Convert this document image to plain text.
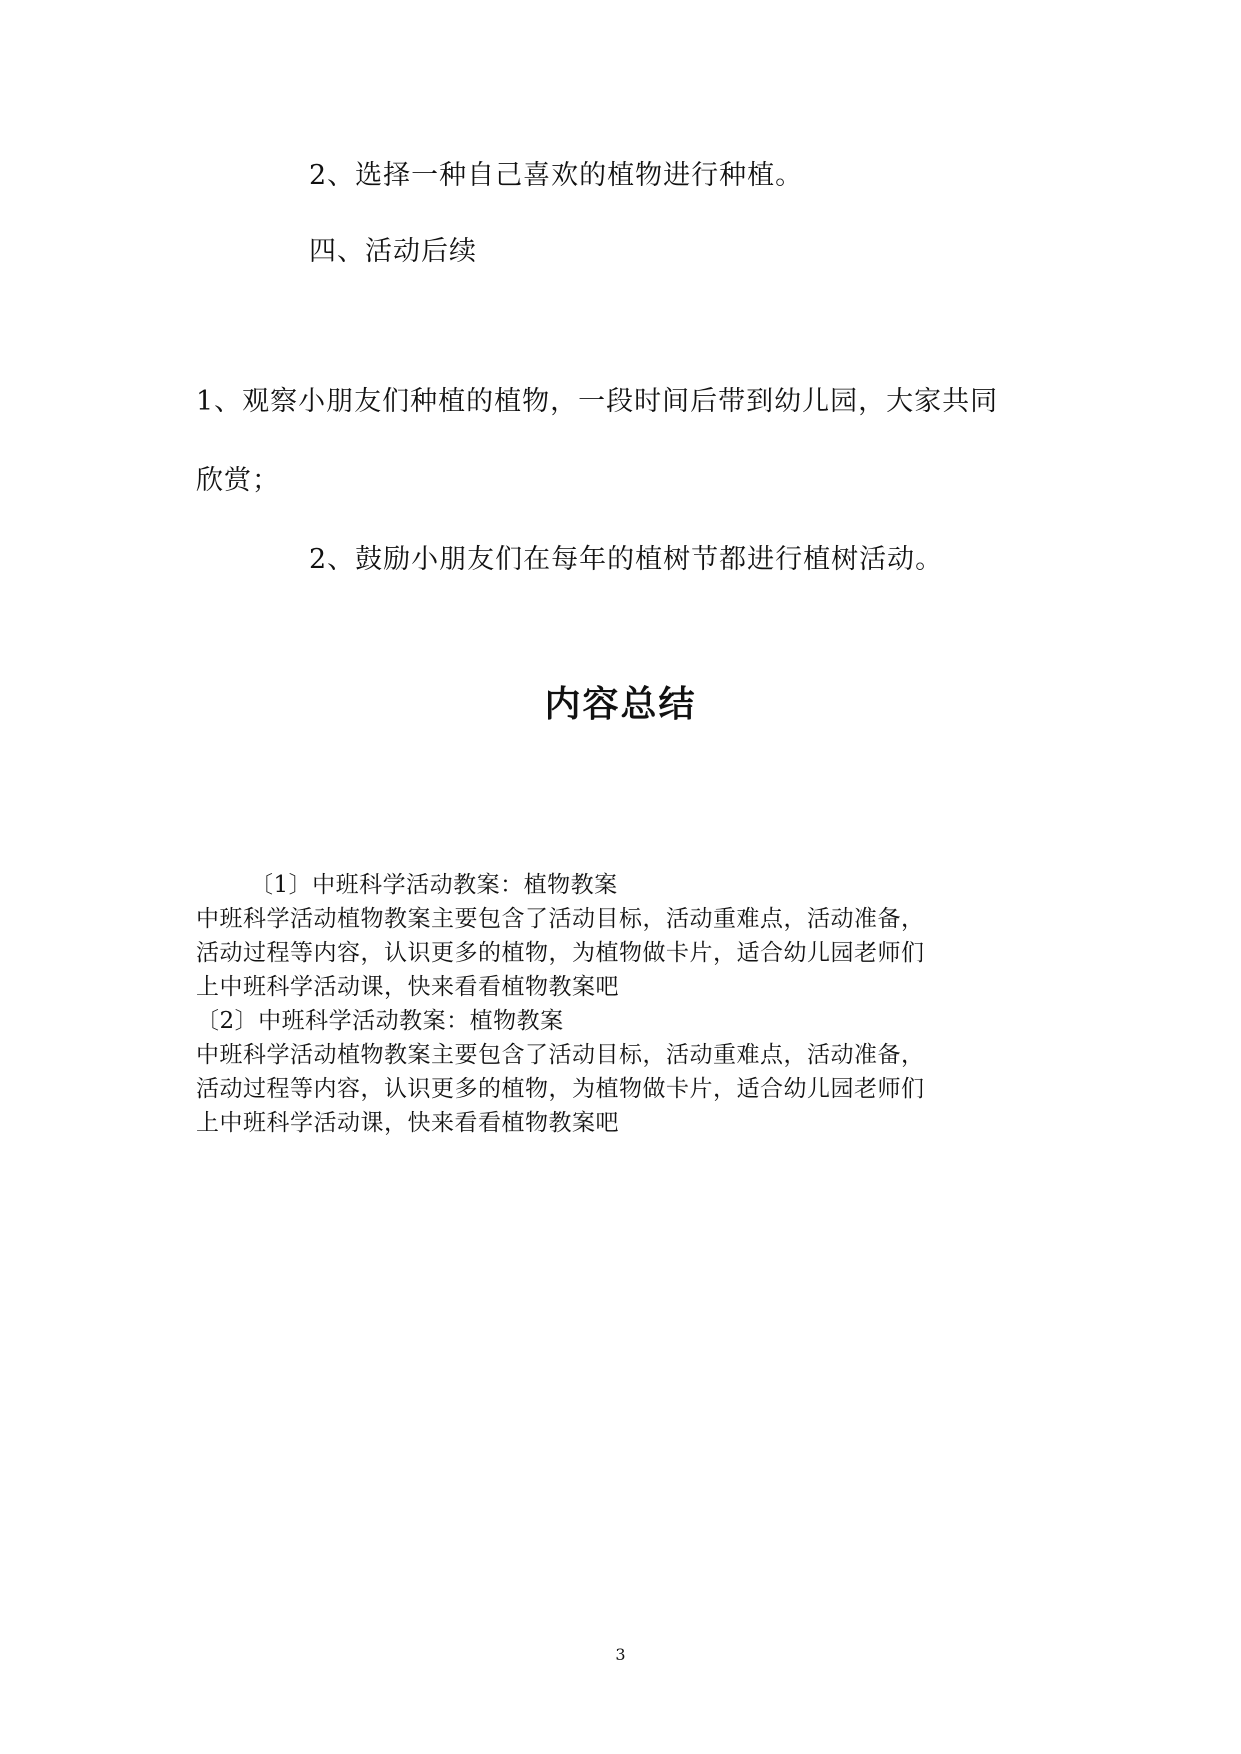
2、选择一种自己喜欢的植物进行种植。
四、活动后续
1、观察小朋友们种植的植物，一段时间后带到幼儿园，大家共同
欣赏；
2、鼓励小朋友们在每年的植树节都进行植树活动。
内容总结
〔1〕中班科学活动教案：植物教案
中班科学活动植物教案主要包含了活动目标，活动重难点，活动准备，
活动过程等内容，认识更多的植物，为植物做卡片，适合幼儿园老师们
上中班科学活动课，快来看看植物教案吧
〔2〕中班科学活动教案：植物教案
中班科学活动植物教案主要包含了活动目标，活动重难点，活动准备，
活动过程等内容，认识更多的植物，为植物做卡片，适合幼儿园老师们
上中班科学活动课，快来看看植物教案吧
3
